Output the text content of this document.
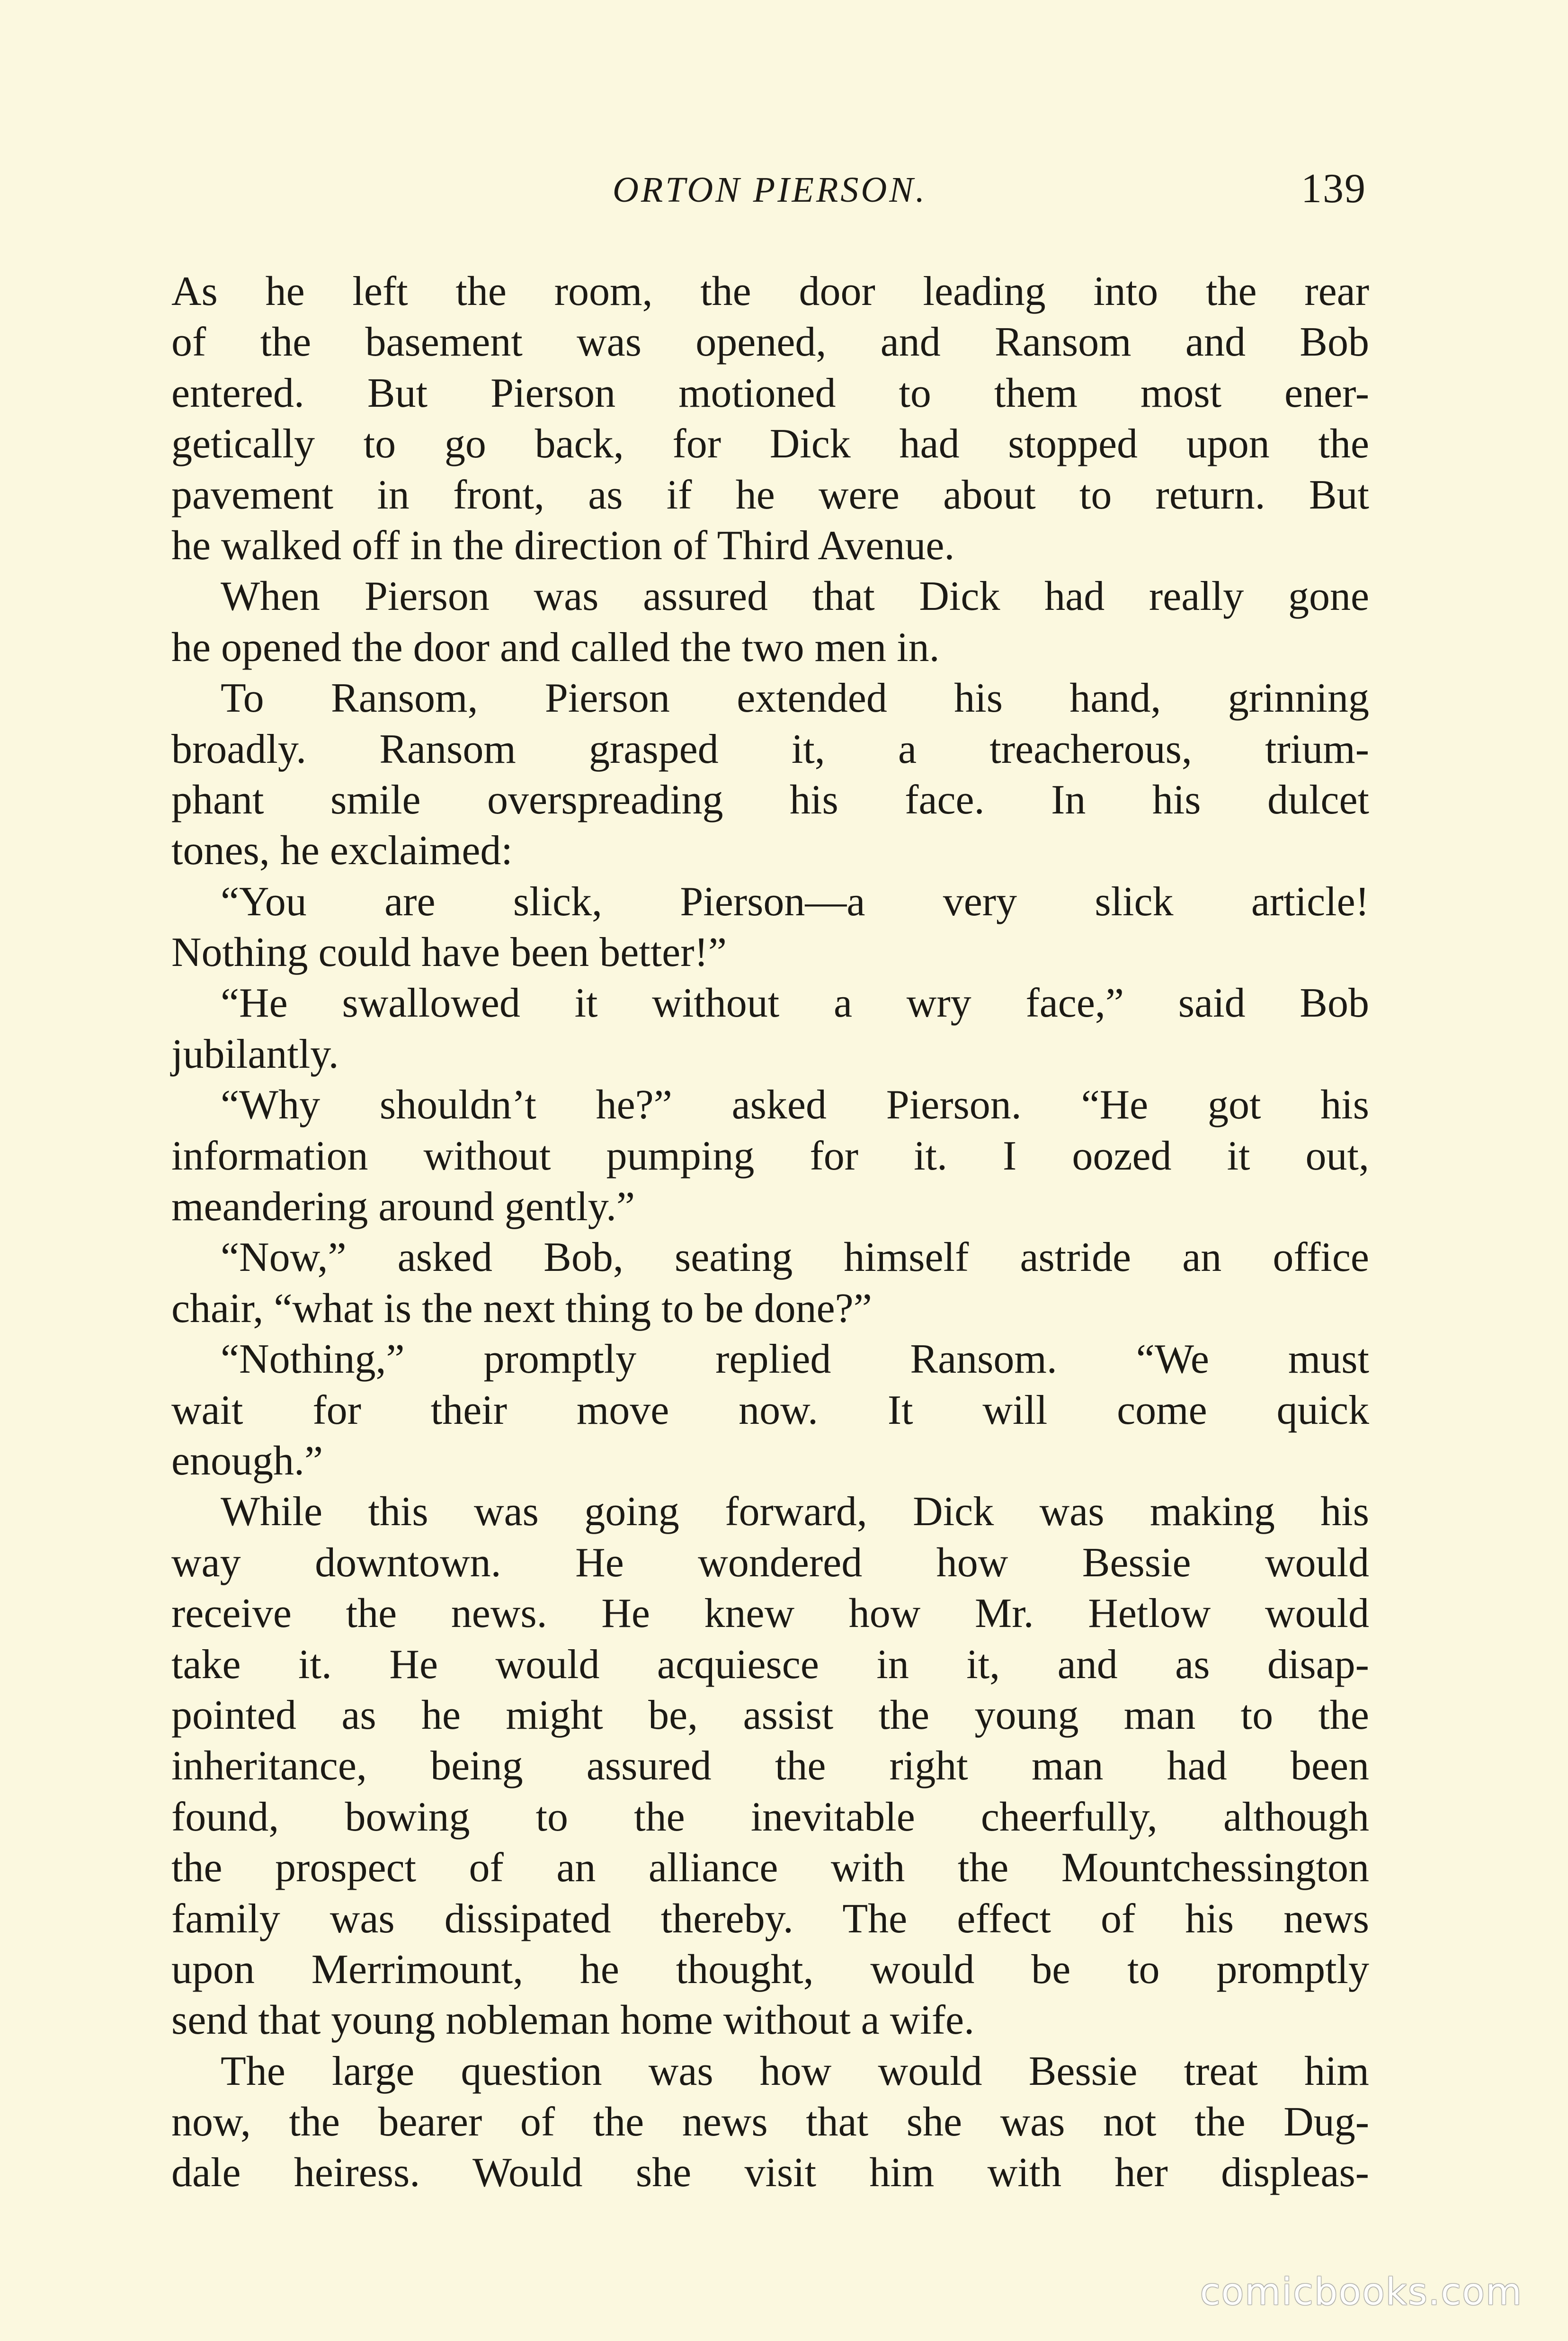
ORTON PIERSON.	139
As he left the room, the door leading into the rear
of the basement was opened, and Ransom and Bob
entered. But Pierson motioned to them most ener-
getically to go back, for Dick had stopped upon the
pavement in front, as if he were about to return. But
he walked off in the direction of Third Avenue.
When Pierson was assured that Dick had really gone
he opened the door and called the two men in.
To Ransom, Pierson extended his hand, grinning
broadly. Ransom grasped it, a treacherous, trium-
phant smile overspreading his face. In his dulcet
tones, he exclaimed:
“You are slick, Pierson—a very slick article!
Nothing could have been better!”
“He swallowed it without a wry face,” said Bob
jubilantly.
“Why shouldn’t he?” asked Pierson. “He got his
information without pumping for it. I oozed it out,
meandering around gently.”
“Now,” asked Bob, seating himself astride an office
chair, “what is the next thing to be done?”
“Nothing,” promptly replied Ransom. “We must
wait for their move now. It will come quick
enough.”
While this was going forward, Dick was making his
way downtown. He wondered how Bessie would
receive the news. He knew how Mr. Hetlow would
take it. He would acquiesce in it, and as disap-
pointed as he might be, assist the young man to the
inheritance, being assured the right man had been
found, bowing to the inevitable cheerfully, although
the prospect of an alliance with the Mountchessington
family was dissipated thereby. The effect of his news
upon Merrimount, he thought, would be to promptly
send that young nobleman home without a wife.
The large question was how would Bessie treat him
now, the bearer of the news that she was not the Dug-
dale heiress. Would she visit him with her displeas-
comicbooks.com
